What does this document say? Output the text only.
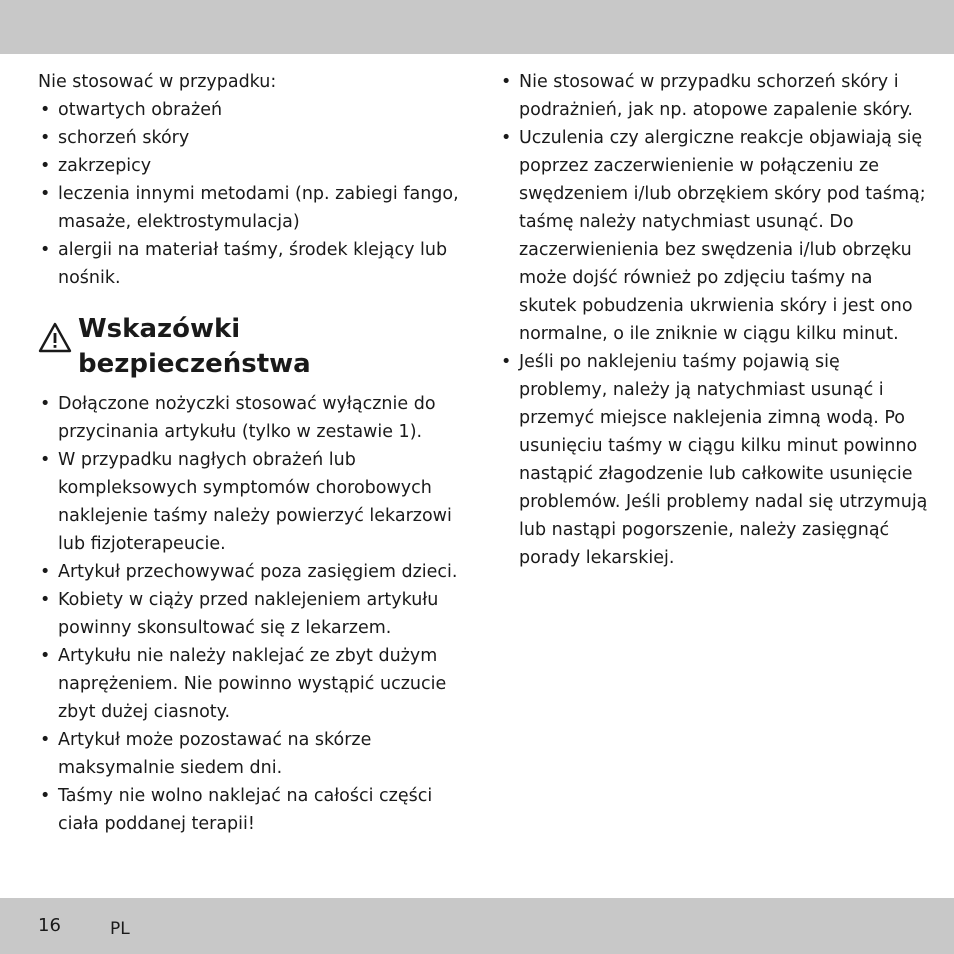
Nie stosować w przypadku:

• otwartych obrażeń
• schorzeń skóry
• zakrzepicy
• leczenia innymi metodami (np. zabiegi fango, masaże, elektrostymulacja)
• alergii na materiał taśmy, środek klejący lub nośnik.
Wskazówki bezpieczeństwa
• Dołączone nożyczki stosować wyłącznie do przycinania artykułu (tylko w zestawie 1).
• W przypadku nagłych obrażeń lub kompleksowych symptomów chorobowych naklejenie taśmy należy powierzyć lekarzowi lub fizjoterapeucie.
• Artykuł przechowywać poza zasięgiem dzieci.
• Kobiety w ciąży przed naklejeniem artykułu powinny skonsultować się z lekarzem.
• Artykułu nie należy naklejać ze zbyt dużym naprężeniem. Nie powinno wystąpić uczucie zbyt dużej ciasnoty.
• Artykuł może pozostawać na skórze maksymalnie siedem dni.
• Taśmy nie wolno naklejać na całości części ciała poddanej terapii!
• Nie stosować w przypadku schorzeń skóry i podrażnień, jak np. atopowe zapalenie skóry.
• Uczulenia czy alergiczne reakcje objawiają się poprzez zaczerwienienie w połączeniu ze swędzeniem i/lub obrzękiem skóry pod taśmą; taśmę należy natychmiast usunąć. Do zaczerwienienia bez swędzenia i/lub obrzęku może dojść również po zdjęciu taśmy na skutek pobudzenia ukrwienia skóry i jest ono normalne, o ile zniknie w ciągu kilku minut.
• Jeśli po naklejeniu taśmy pojawią się problemy, należy ją natychmiast usunąć i przemyć miejsce naklejenia zimną wodą. Po usunięciu taśmy w ciągu kilku minut powinno nastąpić złagodzenie lub całkowite usunięcie problemów. Jeśli problemy nadal się utrzymują lub nastąpi pogorszenie, należy zasięgnąć porady lekarskiej.
16	PL
